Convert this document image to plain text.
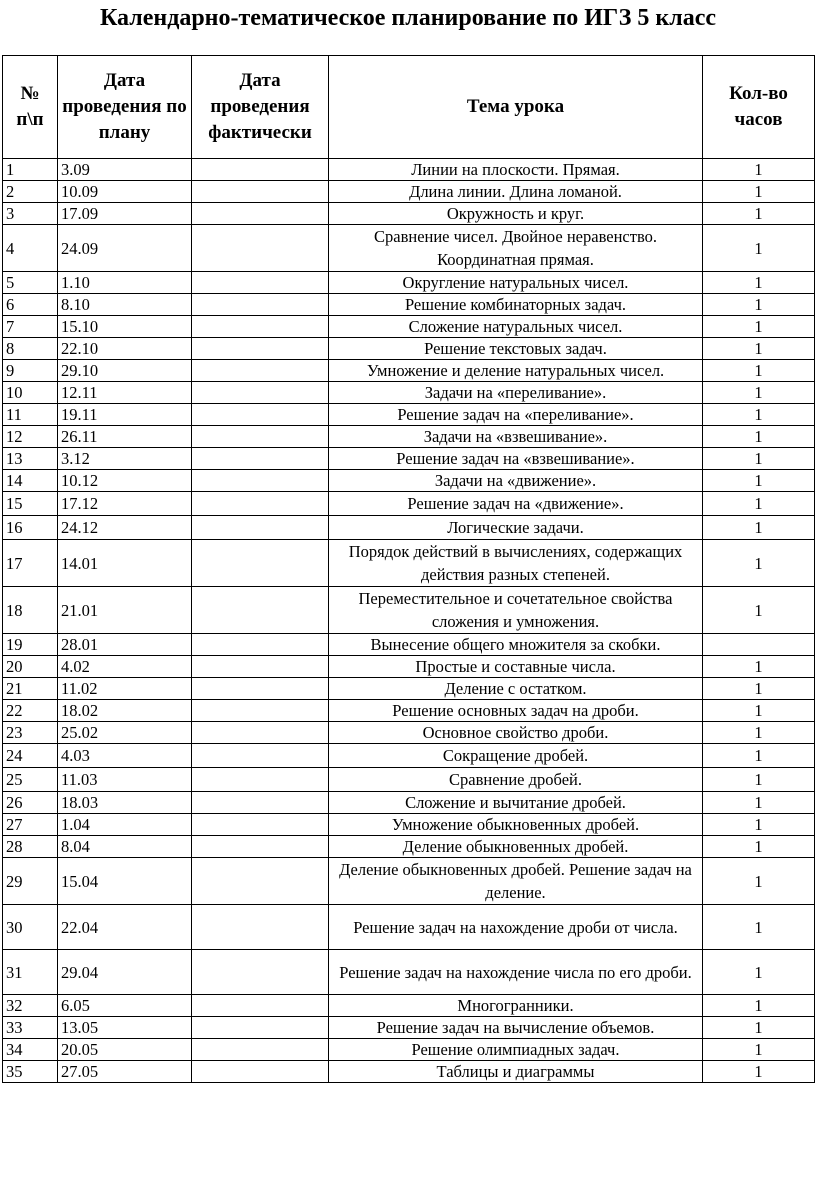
Календарно-тематическое планирование по ИГЗ 5 класс
№ п\п	Дата проведения по плану	Дата проведения фактически	Тема урока	Кол-во часов
1	3.09		Линии на плоскости. Прямая.	1
2	10.09		Длина линии. Длина ломаной.	1
3	17.09		Окружность и круг.	1
4	24.09		Сравнение чисел. Двойное неравенство. Координатная прямая.	1
5	1.10		Округление натуральных чисел.	1
6	8.10		Решение комбинаторных задач.	1
7	15.10		Сложение натуральных чисел.	1
8	22.10		Решение текстовых задач.	1
9	29.10		Умножение и деление натуральных чисел.	1
10	12.11		Задачи на «переливание».	1
11	19.11		Решение задач на «переливание».	1
12	26.11		Задачи на «взвешивание».	1
13	3.12		Решение задач на «взвешивание».	1
14	10.12		Задачи на «движение».	1
15	17.12		Решение задач на «движение».	1
16	24.12		Логические задачи.	1
17	14.01		Порядок действий в вычислениях, содержащих действия разных степеней.	1
18	21.01		Переместительное и сочетательное свойства сложения и умножения.	1
19	28.01		Вынесение общего множителя за скобки.	
20	4.02		Простые и составные числа.	1
21	11.02		Деление с остатком.	1
22	18.02		Решение основных задач на дроби.	1
23	25.02		Основное свойство дроби.	1
24	4.03		Сокращение дробей.	1
25	11.03		Сравнение дробей.	1
26	18.03		Сложение и вычитание дробей.	1
27	1.04		Умножение обыкновенных дробей.	1
28	8.04		Деление обыкновенных дробей.	1
29	15.04		Деление обыкновенных дробей. Решение задач на деление.	1
30	22.04		Решение задач на нахождение дроби от числа.	1
31	29.04		Решение задач на нахождение числа по его дроби.	1
32	6.05		Многогранники.	1
33	13.05		Решение задач на вычисление объемов.	1
34	20.05		Решение олимпиадных задач.	1
35	27.05		Таблицы и диаграммы	1
